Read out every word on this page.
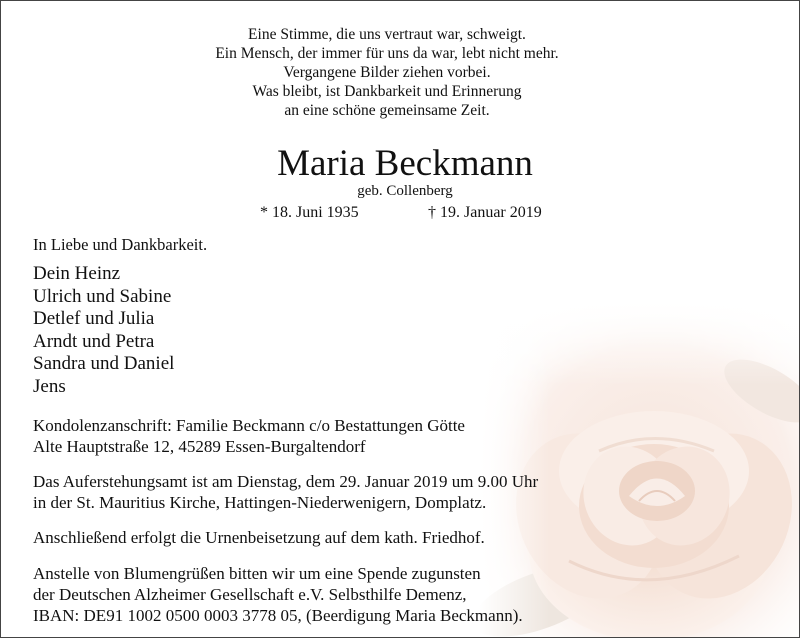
Eine Stimme, die uns vertraut war, schweigt.
Ein Mensch, der immer für uns da war, lebt nicht mehr.
Vergangene Bilder ziehen vorbei.
Was bleibt, ist Dankbarkeit und Erinnerung
an eine schöne gemeinsame Zeit.
Maria Beckmann
geb. Collenberg
* 18. Juni 1935	† 19. Januar 2019
In Liebe und Dankbarkeit.
Dein Heinz
Ulrich und Sabine
Detlef und Julia
Arndt und Petra
Sandra und Daniel
Jens
Kondolenzanschrift: Familie Beckmann c/o Bestattungen Götte
Alte Hauptstraße 12, 45289 Essen-Burgaltendorf
Das Auferstehungsamt ist am Dienstag, dem 29. Januar 2019 um 9.00 Uhr
in der St. Mauritius Kirche, Hattingen-Niederwenigern, Domplatz.
Anschließend erfolgt die Urnenbeisetzung auf dem kath. Friedhof.
Anstelle von Blumengrüßen bitten wir um eine Spende zugunsten
der Deutschen Alzheimer Gesellschaft e.V. Selbsthilfe Demenz,
IBAN: DE91 1002 0500 0003 3778 05, (Beerdigung Maria Beckmann).
